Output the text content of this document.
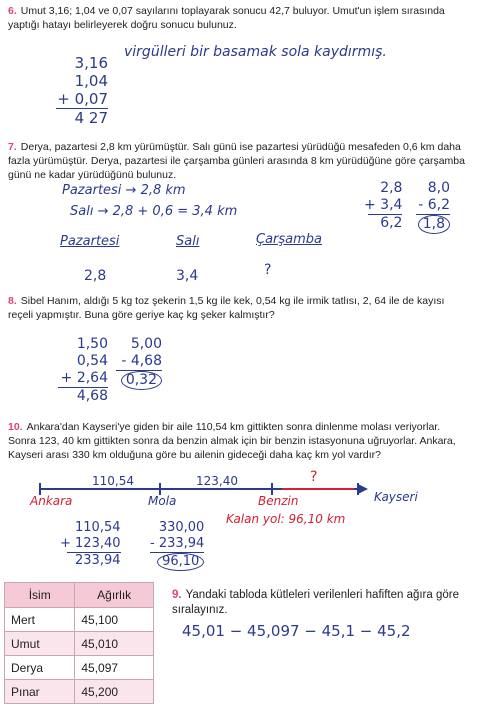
6. Umut 3,16; 1,04 ve 0,07 sayılarını toplayarak sonucu 42,7 buluyor. Umut'un işlem sırasında yaptığı hatayı belirleyerek doğru sonucu bulunuz.
3,16
1,04
+ 0,07
4 27
virgülleri bir basamak sola kaydırmış.
7. Derya, pazartesi 2,8 km yürümüştür. Salı günü ise pazartesi yürüdüğü mesafeden 0,6 km daha fazla yürümüştür. Derya, pazartesi ile çarşamba günleri arasında 8 km yürüdüğüne göre çarşamba günü ne kadar yürüdüğünü bulunuz.
Pazartesi → 2,8 km
Salı → 2,8 + 0,6 = 3,4 km
Pazartesi	Salı	Çarşamba
2,8	3,4	?
2,8
+ 3,4
6,2
8,0
- 6,2
1,8
8. Sibel Hanım, aldığı 5 kg toz şekerin 1,5 kg ile kek, 0,54 kg ile irmik tatlısı, 2, 64 ile de kayısı reçeli yapmıştır. Buna göre geriye kaç kg şeker kalmıştır?
1,50
0,54
+ 2,64
4,68
5,00
- 4,68
0,32
10. Ankara'dan Kayseri'ye giden bir aile 110,54 km gittikten sonra dinlenme molası veriyorlar. Sonra 123, 40 km gittikten sonra da benzin almak için bir benzin istasyonuna uğruyorlar. Ankara, Kayseri arası 330 km olduğuna göre bu ailenin gideceği daha kaç km yol vardır?
110,54	123,40	?
Ankara	Mola	Benzin	Kayseri
Kalan yol: 96,10 km
110,54
+ 123,40
233,94
330,00
- 233,94
96,10
İsim	Ağırlık
Mert	45,100
Umut	45,010
Derya	45,097
Pınar	45,200
9. Yandaki tabloda kütleleri verilenleri hafiften ağıra göre sıralayınız.
45,01 − 45,097 − 45,1 − 45,2
